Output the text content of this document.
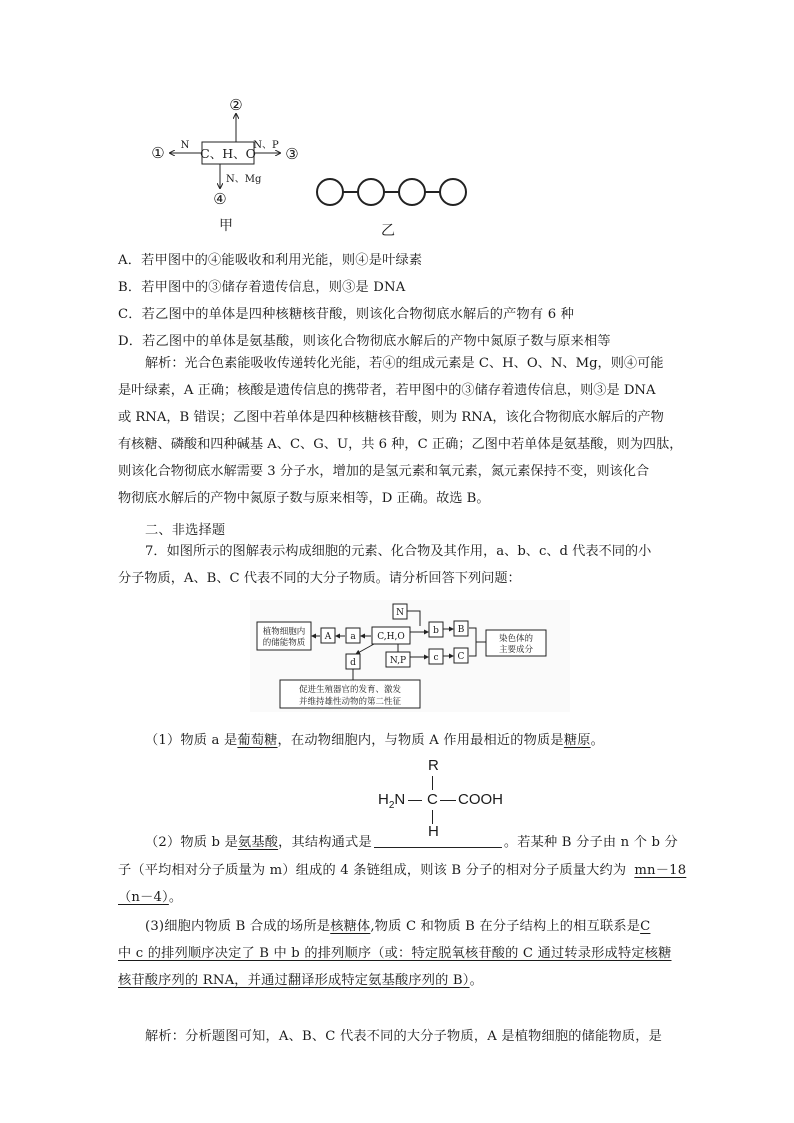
C、H、O
②
N
①	N、P ③
N、Mg
④
甲	乙
A．若甲图中的④能吸收和利用光能，则④是叶绿素
B．若甲图中的③储存着遗传信息，则③是 DNA
C．若乙图中的单体是四种核糖核苷酸，则该化合物彻底水解后的产物有 6 种
D．若乙图中的单体是氨基酸，则该化合物彻底水解后的产物中氮原子数与原来相等
解析：光合色素能吸收传递转化光能，若④的组成元素是 C、H、O、N、Mg，则④可能
是叶绿素，A 正确；核酸是遗传信息的携带者，若甲图中的③储存着遗传信息，则③是 DNA
或 RNA，B 错误；乙图中若单体是四种核糖核苷酸，则为 RNA，该化合物彻底水解后的产物
有核糖、磷酸和四种碱基 A、C、G、U，共 6 种，C 正确；乙图中若单体是氨基酸，则为四肽，
则该化合物彻底水解需要 3 分子水，增加的是氢元素和氧元素，氮元素保持不变，则该化合
物彻底水解后的产物中氮原子数与原来相等，D 正确。故选 B。
二、非选择题
7．如图所示的图解表示构成细胞的元素、化合物及其作用，a、b、c、d 代表不同的小
分子物质，A、B、C 代表不同的大分子物质。请分析回答下列问题：
植物细胞内
的储能物质
A a C,H,O
N
b B
N,P	c C
染色体的
主要成分
d
促进生殖器官的发育、激发
并维持雄性动物的第二性征
（1）物质 a 是葡萄糖，在动物细胞内，与物质 A 作用最相近的物质是糖原。
R
$H_2N$ C COOH
H
（2）物质 b 是氨基酸，其结构通式是	。若某种 B 分子由 n 个 b 分
子（平均相对分子质量为 m）组成的 4 条链组成，则该 B 分子的相对分子质量大约为 mn－18
（n－4）。
(3)细胞内物质 B 合成的场所是核糖体,物质 C 和物质 B 在分子结构上的相互联系是C
中 c 的排列顺序决定了 B 中 b 的排列顺序（或：特定脱氧核苷酸的 C 通过转录形成特定核糖
核苷酸序列的 RNA，并通过翻译形成特定氨基酸序列的 B）。
解析：分析题图可知，A、B、C 代表不同的大分子物质，A 是植物细胞的储能物质，是
